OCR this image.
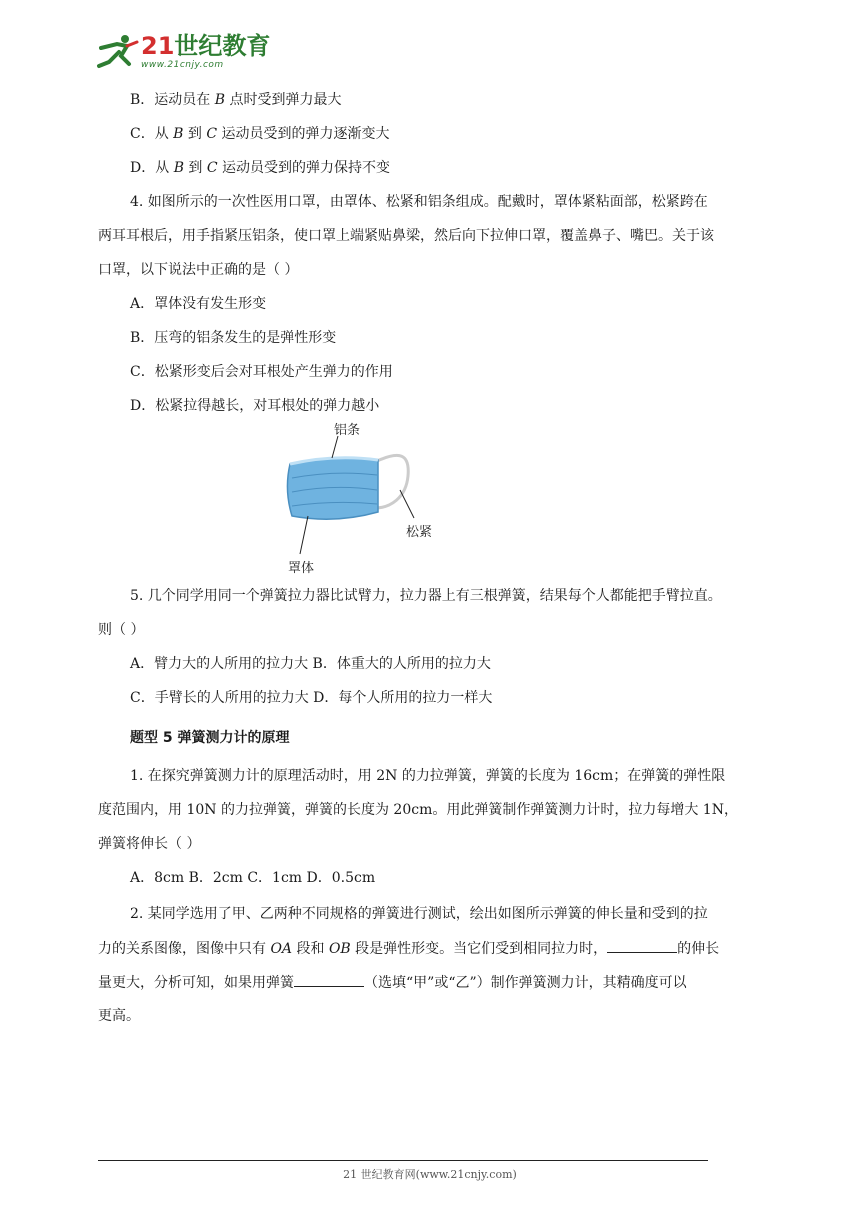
21世纪教育
www.21cnjy.com
B．运动员在 B 点时受到弹力最大
C．从 B 到 C 运动员受到的弹力逐渐变大
D．从 B 到 C 运动员受到的弹力保持不变
4. 如图所示的一次性医用口罩，由罩体、松紧和铝条组成。配戴时，罩体紧粘面部，松紧跨在
两耳耳根后，用手指紧压铝条，使口罩上端紧贴鼻梁，然后向下拉伸口罩，覆盖鼻子、嘴巴。关于该
口罩，以下说法中正确的是（ ）
A．罩体没有发生形变
B．压弯的铝条发生的是弹性形变
C．松紧形变后会对耳根处产生弹力的作用
D．松紧拉得越长，对耳根处的弹力越小
铝条
松紧
罩体
5. 几个同学用同一个弹簧拉力器比试臂力，拉力器上有三根弹簧，结果每个人都能把手臂拉直。
则（ ）
A．臂力大的人所用的拉力大 B．体重大的人所用的拉力大
C．手臂长的人所用的拉力大 D．每个人所用的拉力一样大
题型 5 弹簧测力计的原理
1. 在探究弹簧测力计的原理活动时，用 2N 的力拉弹簧，弹簧的长度为 16cm；在弹簧的弹性限
度范围内，用 10N 的力拉弹簧，弹簧的长度为 20cm。用此弹簧制作弹簧测力计时，拉力每增大 1N，
弹簧将伸长（ ）
A．8cm B．2cm C．1cm D．0.5cm
2. 某同学选用了甲、乙两种不同规格的弹簧进行测试，绘出如图所示弹簧的伸长量和受到的拉
力的关系图像，图像中只有 OA 段和 OB 段是弹性形变。当它们受到相同拉力时，	的伸长
量更大，分析可知，如果用弹簧	（选填“甲”或“乙”）制作弹簧测力计，其精确度可以
更高。
21 世纪教育网(www.21cnjy.com)
